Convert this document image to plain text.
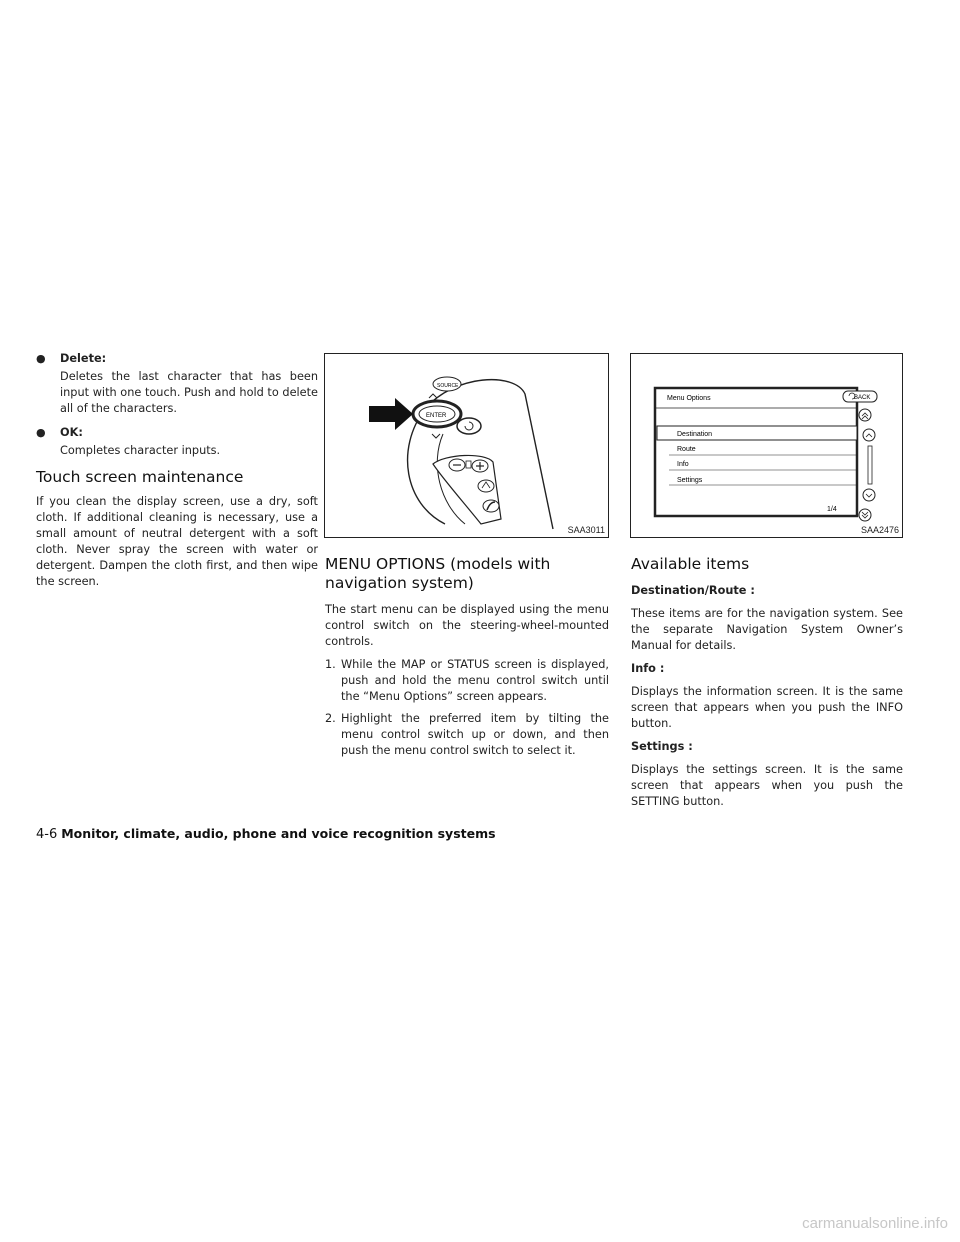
●	Delete:

Deletes the last character that has been input with one touch. Push and hold to delete all of the characters.

●	OK:

Completes character inputs.

Touch screen maintenance

If you clean the display screen, use a dry, soft cloth. If additional cleaning is necessary, use a small amount of neutral detergent with a soft cloth. Never spray the screen with water or detergent. Dampen the cloth first, and then wipe the screen.

SOURCE
ENTER
SAA3011
Menu Options	BACK
Destination
Route
Info
Settings
1/4
SAA2476
MENU OPTIONS (models with navigation system)

The start menu can be displayed using the menu control switch on the steering-wheel-mounted controls.

1. While the MAP or STATUS screen is displayed, push and hold the menu control switch until the “Menu Options” screen appears.
2. Highlight the preferred item by tilting the menu control switch up or down, and then push the menu control switch to select it.
Available items
Destination/Route :

These items are for the navigation system. See the separate Navigation System Owner’s Manual for details.

Info :

Displays the information screen. It is the same screen that appears when you push the INFO button.

Settings :

Displays the settings screen. It is the same screen that appears when you push the SETTING button.

4-6 Monitor, climate, audio, phone and voice recognition systems
carmanualsonline.info
